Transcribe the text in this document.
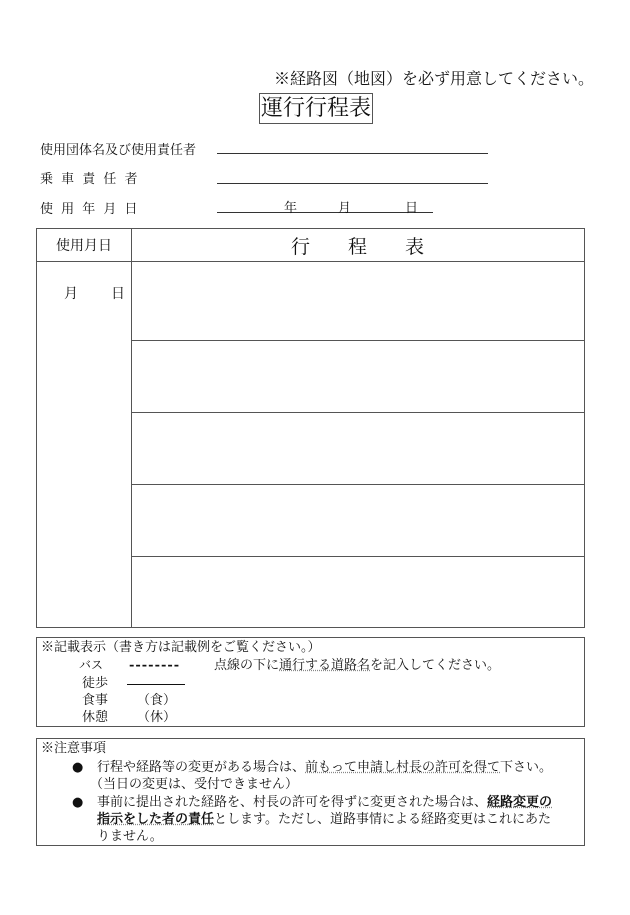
※経路図（地図）を必ず用意してください。
運行行程表
使用団体名及び使用責任者
乗 車 責 任 者
使 用 年 月 日	年	月	日
使用月日	行　　程　　表
月 日
※記載表示（書き方は記載例をご覧ください。）
バス --------	点線の下に通行する道路名を記入してください。
徒歩
食事 （食）
休憩 （休）
※注意事項
● 行程や経路等の変更がある場合は、前もって申請し村長の許可を得て下さい。
（当日の変更は、受付できません）
● 事前に提出された経路を、村長の許可を得ずに変更された場合は、経路変更の
指示をした者の責任とします。ただし、道路事情による経路変更はこれにあた
りません。
